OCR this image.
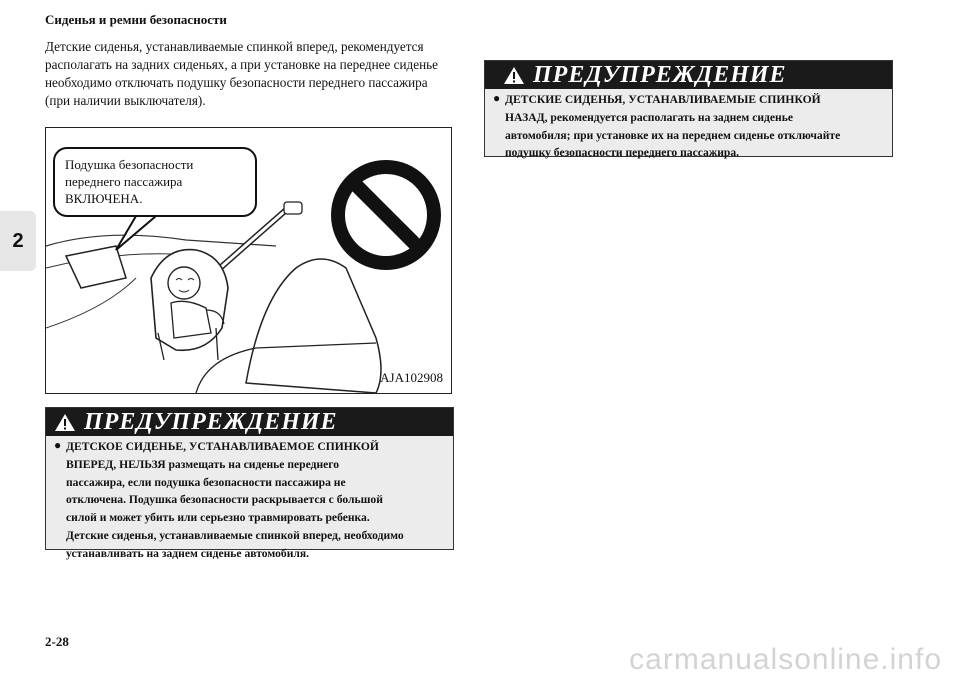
Сиденья и ремни безопасности
2

Детские сиденья, устанавливаемые спинкой вперед, рекомендуется
располагать на задних сиденьях, а при установке на переднее сиденье
необходимо отключать подушку безопасности переднего пассажира
(при наличии выключателя).

Подушка безопасности
переднего пассажира
ВКЛЮЧЕНА.
AJA102908
ПРЕДУПРЕЖДЕНИЕ
● ДЕТСКОЕ СИДЕНЬЕ, УСТАНАВЛИВАЕМОЕ СПИНКОЙ

ВПЕРЕД, НЕЛЬЗЯ размещать на сиденье переднего

пассажира, если подушка безопасности пассажира не

отключена. Подушка безопасности раскрывается с большой

силой и может убить или серьезно травмировать ребенка.

Детские сиденья, устанавливаемые спинкой вперед, необходимо

устанавливать на заднем сиденье автомобиля.

ПРЕДУПРЕЖДЕНИЕ
● ДЕТСКИЕ СИДЕНЬЯ, УСТАНАВЛИВАЕМЫЕ СПИНКОЙ

НАЗАД, рекомендуется располагать на заднем сиденье

автомобиля; при установке их на переднем сиденье отключайте

подушку безопасности переднего пассажира.

2-28
carmanualsonline.info
